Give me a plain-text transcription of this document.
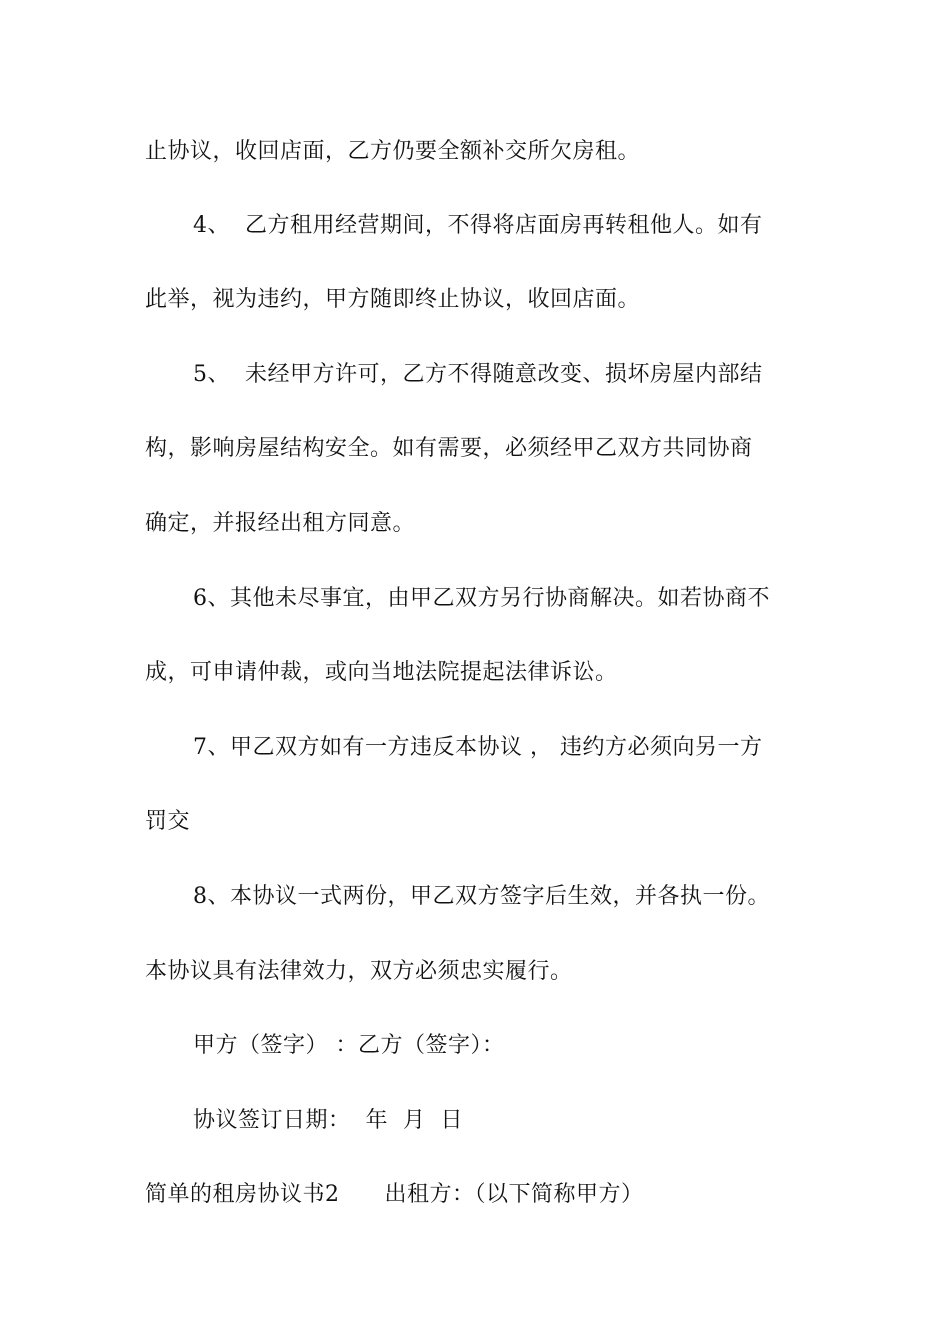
止协议，收回店面，乙方仍要全额补交所欠房租。
4、  乙方租用经营期间，不得将店面房再转租他人。如有
此举，视为违约，甲方随即终止协议，收回店面。
5、  未经甲方许可，乙方不得随意改变、损坏房屋内部结
构，影响房屋结构安全。如有需要，必须经甲乙双方共同协商
确定，并报经出租方同意。
6、其他未尽事宜，由甲乙双方另行协商解决。如若协商不
成，可申请仲裁，或向当地法院提起法律诉讼。
7、甲乙双方如有一方违反本协议 ， 违约方必须向另一方
罚交
8、本协议一式两份，甲乙双方签字后生效，并各执一份。
本协议具有法律效力，双方必须忠实履行。
甲方（签字） ：乙方（签字）：
协议签订日期：  年  月  日
简单的租房协议书2      出租方：（以下简称甲方）
